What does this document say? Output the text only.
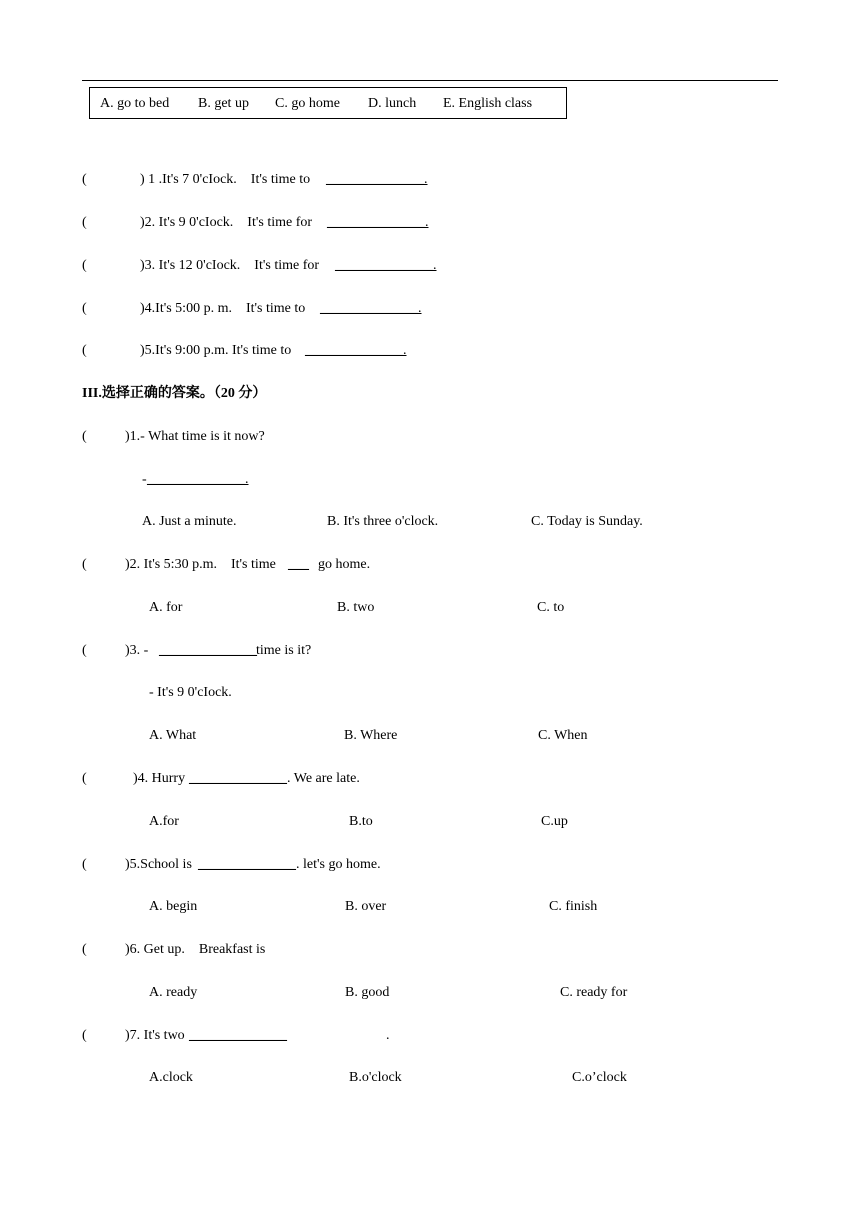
A. go to bed B. get up C. go home D. lunch E. English class
(	) 1 .It's 7 0'cIock.    It's time to ______________.
(	)2. It's 9 0'cIock.    It's time for ______________.
(	)3. It's 12 0'cIock.    It's time for ______________.
(	)4.It's 5:00 p. m.    It's time to ______________.
(	)5.It's 9:00 p.m. It's time to ______________.
III.选择正确的答案。（20 分）
(	)1.- What time is it now?
- ______________.
A. Just a minute.	B. It's three o'clock.	C. Today is Sunday.
(	)2. It's 5:30 p.m.    It's time ___ go home.
A. for	B. two	C. to
(	)3. - ______________ time is it?
- It's 9 0'cIock.
A. What	B. Where	C. When
(	)4. Hurry ______________ . We are late.
A.for	B.to	C.up
(	)5.School is ______________ . let's go home.
A. begin	B. over	C. finish
(	)6. Get up.    Breakfast is
A. ready	B. good	C. ready for
(	)7. It's two ______________	.
A.clock	B.o'clock	C.o’clock
